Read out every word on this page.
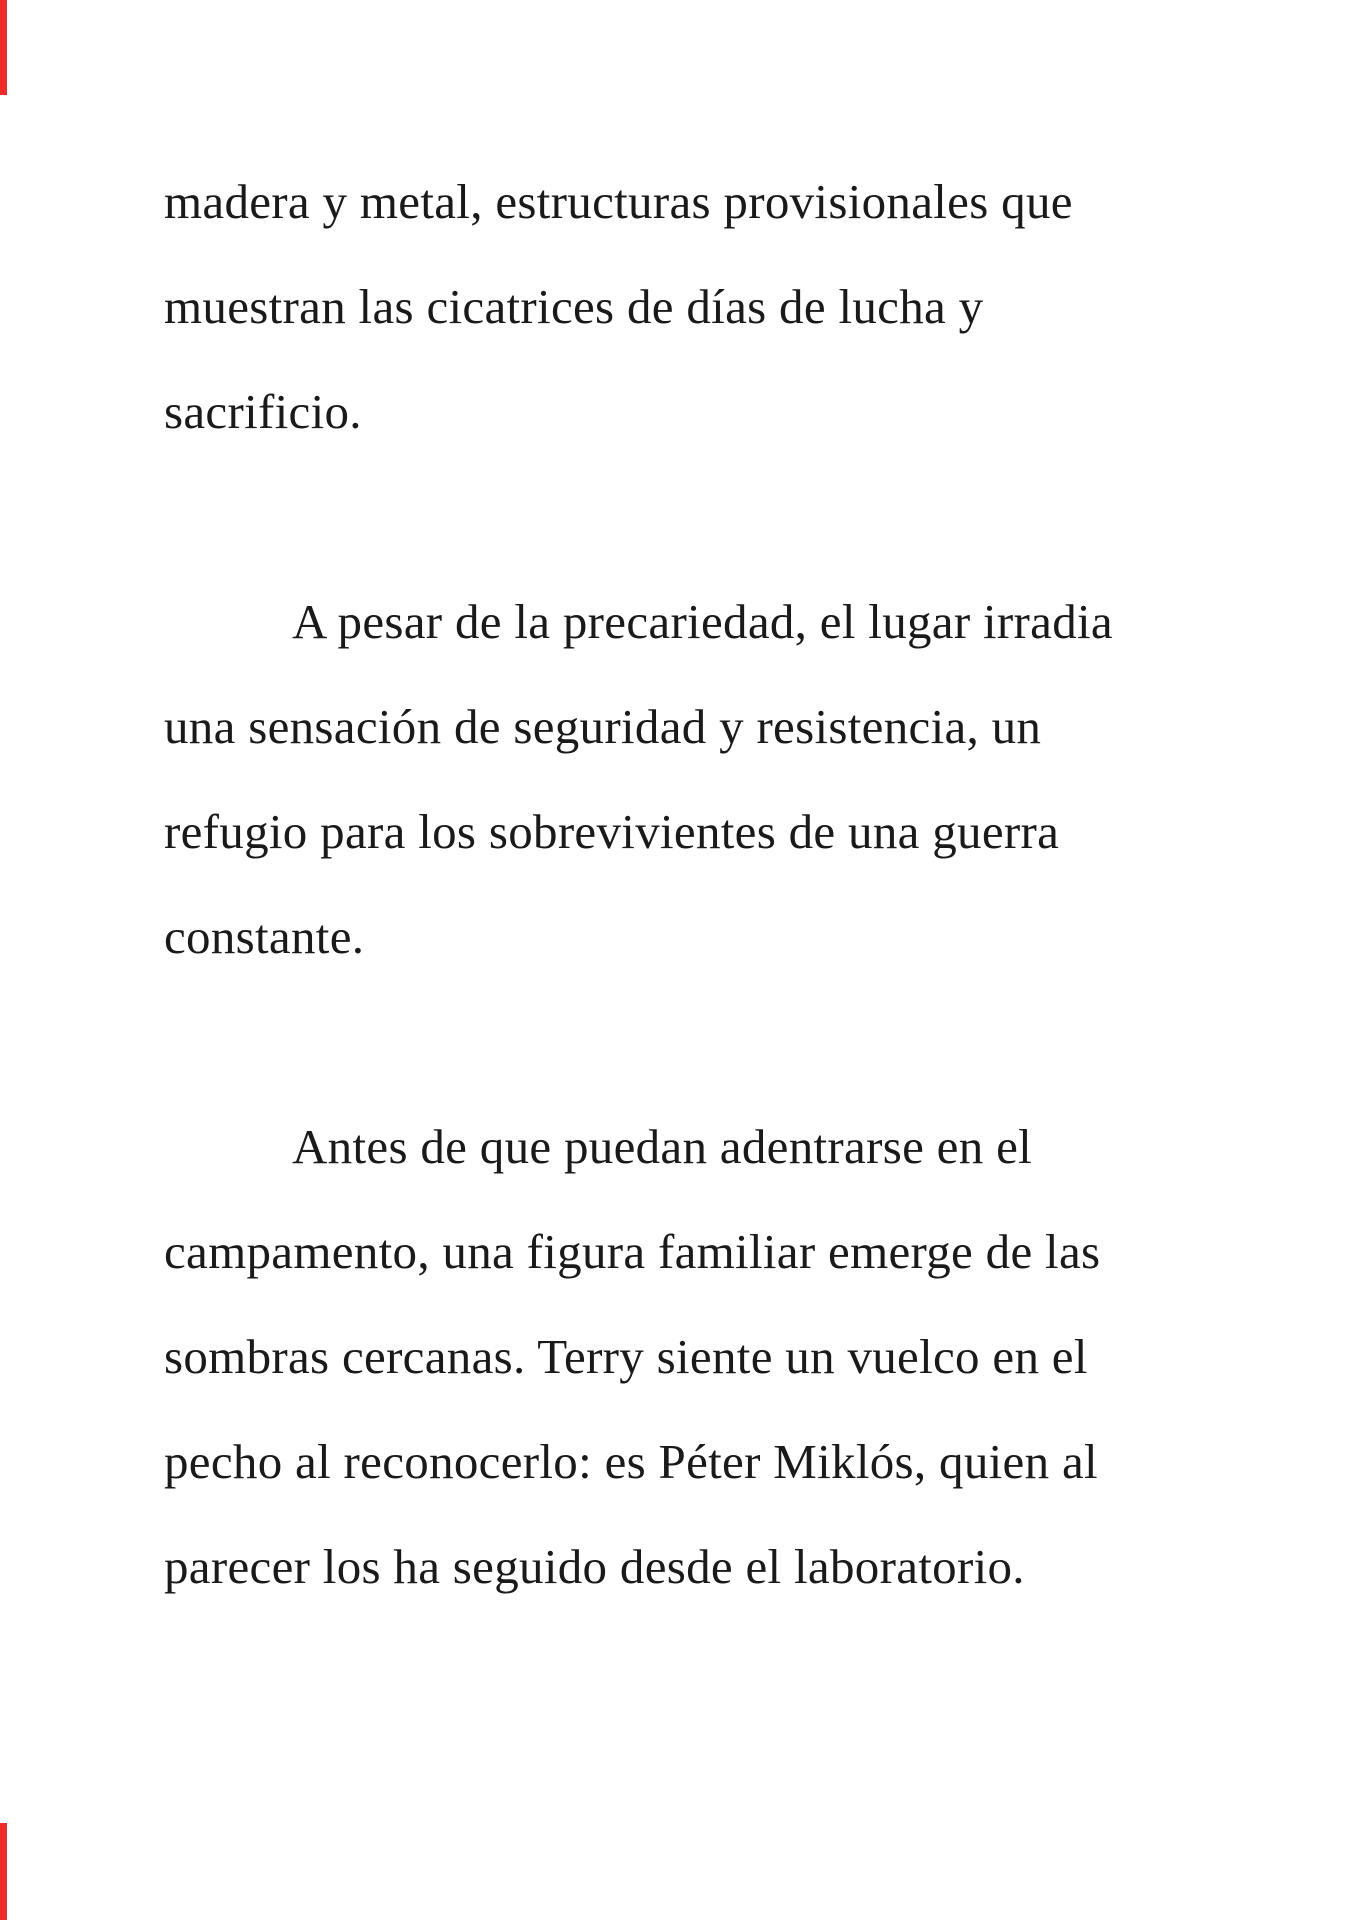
madera y metal, estructuras provisionales que
muestran las cicatrices de días de lucha y
sacrificio.
A pesar de la precariedad, el lugar irradia
una sensación de seguridad y resistencia, un
refugio para los sobrevivientes de una guerra
constante.
Antes de que puedan adentrarse en el
campamento, una figura familiar emerge de las
sombras cercanas. Terry siente un vuelco en el
pecho al reconocerlo: es Péter Miklós, quien al
parecer los ha seguido desde el laboratorio.
